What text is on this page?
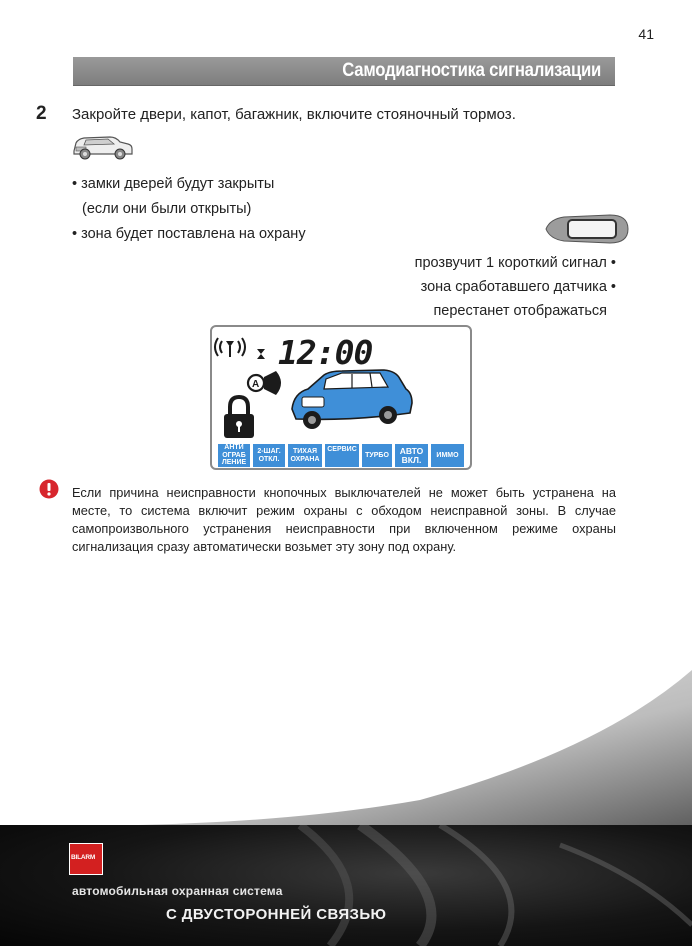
41
Самодиагностика сигнализации
2 Закройте двери, капот, багажник, включите стояночный тормоз.
• замки дверей будут закрыты
(если они были открыты)
• зона будет поставлена на охрану
прозвучит 1 короткий сигнал •
зона сработавшего датчика •
перестанет отображаться
A
12:00
АНТИ ОГРАБ ЛЕНИЕ
2-ШАГ. ОТКЛ.
ТИХАЯ ОХРАНА
СЕРВИС
ТУРБО	АВТО ВКЛ.	ИММО
Если причина неисправности кнопочных выключателей не может быть устранена на месте, то система включит режим охраны с обходом неисправной зоны. В случае самопроизвольного устранения неисправности при включенном режиме охраны сигнализация сразу автоматически возьмет эту зону под охрану.
BILARM
автомобильная охранная система
С ДВУСТОРОННЕЙ СВЯЗЬЮ
